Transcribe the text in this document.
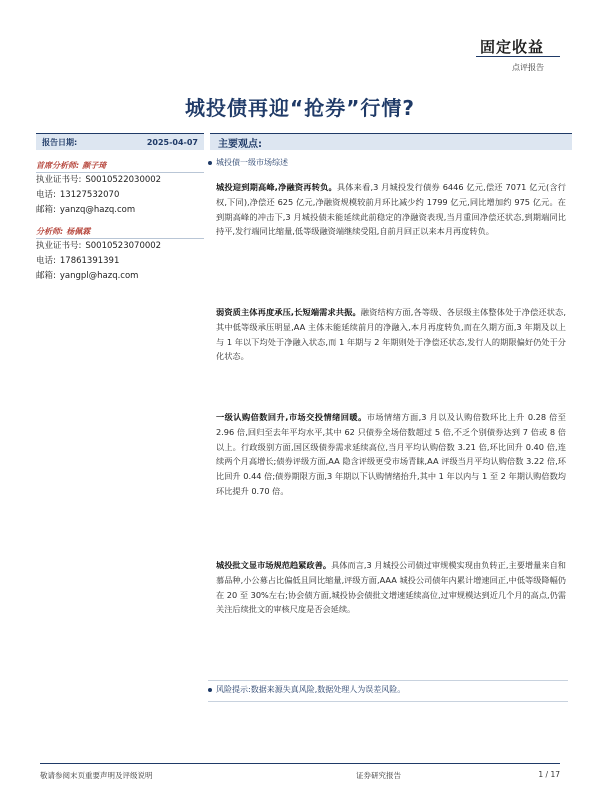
固定收益
点评报告
城投债再迎“抢券”行情?
报告日期:	2025-04-07
首席分析师: 颜子琦
执业证书号: S0010522030002
电话: 13127532070
邮箱: yanzq@hazq.com
分析师: 杨佩霖
执业证书号: S0010523070002
电话: 17861391391
邮箱: yangpl@hazq.com
主要观点:
城投债一级市场综述
城投迎到期高峰,净融资再转负。具体来看,3 月城投发行债券 6446 亿元,偿还 7071 亿元(含行权,下同),净偿还 625 亿元,净融资规模较前月环比减少约 1799 亿元,同比增加约 975 亿元。在到期高峰的冲击下,3 月城投债未能延续此前稳定的净融资表现,当月重回净偿还状态,到期端同比持平,发行端同比缩量,低等级融资端继续受阻,自前月回正以来本月再度转负。
弱资质主体再度承压,长短端需求共振。融资结构方面,各等级、各层级主体整体处于净偿还状态,其中低等级承压明显,AA 主体未能延续前月的净融入,本月再度转负,而在久期方面,3 年期及以上与 1 年以下均处于净融入状态,而 1 年期与 2 年期则处于净偿还状态,发行人的期限偏好仍处于分化状态。
一级认购倍数回升,市场交投情绪回暖。市场情绪方面,3 月以及认购倍数环比上升 0.28 倍至 2.96 倍,回归至去年平均水平,其中 62 只债券全场倍数超过 5 倍,不乏个别债券达到 7 倍或 8 倍以上。行政级别方面,国区级债券需求延续高位,当月平均认购倍数 3.21 倍,环比回升 0.40 倍,连续两个月高增长;债券评级方面,AA 隐含评级更受市场青睐,AA 评级当月平均认购倍数 3.22 倍,环比回升 0.44 倍;债券期限方面,3 年期以下认购情绪抬升,其中 1 年以内与 1 至 2 年期认购倍数均环比提升 0.70 倍。
城投批文显市场规范趋紧政善。具体而言,3 月城投公司债过审规模实现由负转正,主要增量来自和慕品种,小公募占比偏低且同比缩量,评级方面,AAA 城投公司债年内累计增速回正,中低等级降幅仍在 20 至 30%左右;协会债方面,城投协会债批文增速延续高位,过审规模达到近几个月的高点,仍需关注后续批文的审核尺度是否会延续。
风险提示:数据来源失真风险,数据处理人为误差风险。
敬请参阅末页重要声明及评级说明	证券研究报告	1 / 17
